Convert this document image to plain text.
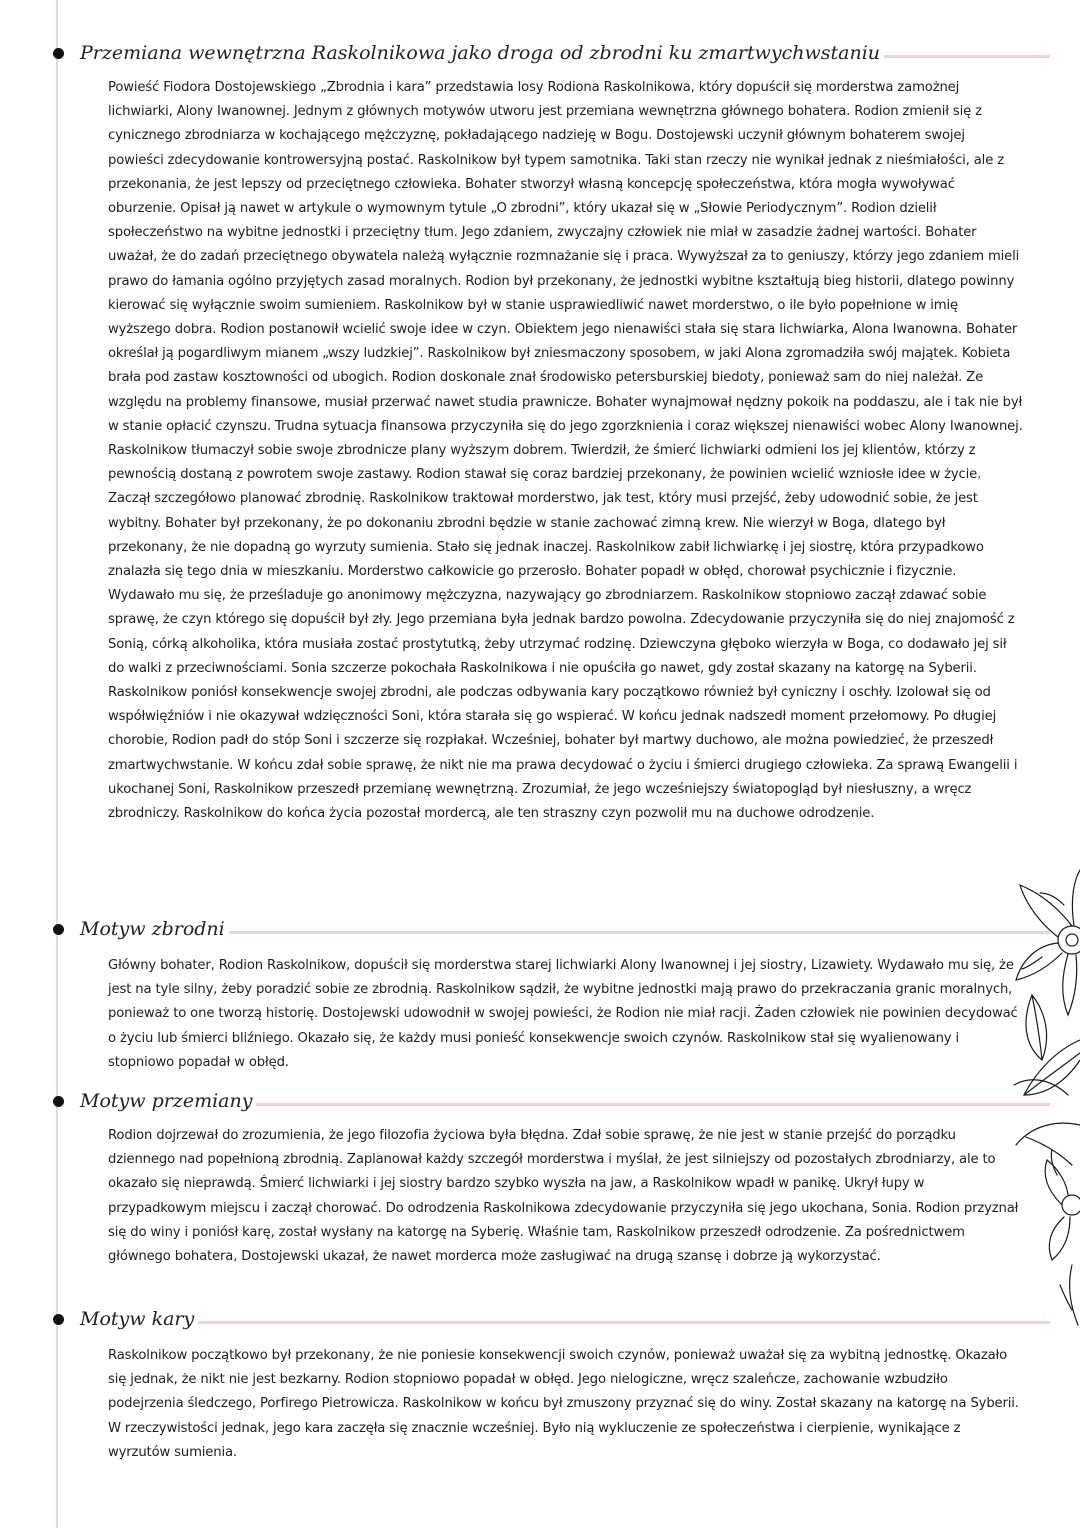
Przemiana wewnętrzna Raskolnikowa jako droga od zbrodni ku zmartwychwstaniu

Powieść Fiodora Dostojewskiego „Zbrodnia i kara” przedstawia losy Rodiona Raskolnikowa, który dopuścił się morderstwa zamożnej lichwiarki, Alony Iwanownej. Jednym z głównych motywów utworu jest przemiana wewnętrzna głównego bohatera. Rodion zmienił się z cynicznego zbrodniarza w kochającego mężczyznę, pokładającego nadzieję w Bogu. Dostojewski uczynił głównym bohaterem swojej powieści zdecydowanie kontrowersyjną postać. Raskolnikow był typem samotnika. Taki stan rzeczy nie wynikał jednak z nieśmiałości, ale z przekonania, że jest lepszy od przeciętnego człowieka. Bohater stworzył własną koncepcję społeczeństwa, która mogła wywoływać oburzenie. Opisał ją nawet w artykule o wymownym tytule „O zbrodni”, który ukazał się w „Słowie Periodycznym”. Rodion dzielił społeczeństwo na wybitne jednostki i przeciętny tłum. Jego zdaniem, zwyczajny człowiek nie miał w zasadzie żadnej wartości. Bohater uważał, że do zadań przeciętnego obywatela należą wyłącznie rozmnażanie się i praca. Wywyższał za to geniuszy, którzy jego zdaniem mieli prawo do łamania ogólno przyjętych zasad moralnych. Rodion był przekonany, że jednostki wybitne kształtują bieg historii, dlatego powinny kierować się wyłącznie swoim sumieniem. Raskolnikow był w stanie usprawiedliwić nawet morderstwo, o ile było popełnione w imię wyższego dobra. Rodion postanowił wcielić swoje idee w czyn. Obiektem jego nienawiści stała się stara lichwiarka, Alona Iwanowna. Bohater określał ją pogardliwym mianem „wszy ludzkiej”. Raskolnikow był zniesmaczony sposobem, w jaki Alona zgromadziła swój majątek. Kobieta brała pod zastaw kosztowności od ubogich. Rodion doskonale znał środowisko petersburskiej biedoty, ponieważ sam do niej należał. Ze względu na problemy finansowe, musiał przerwać nawet studia prawnicze. Bohater wynajmował nędzny pokoik na poddaszu, ale i tak nie był w stanie opłacić czynszu. Trudna sytuacja finansowa przyczyniła się do jego zgorzknienia i coraz większej nienawiści wobec Alony Iwanownej. Raskolnikow tłumaczył sobie swoje zbrodnicze plany wyższym dobrem. Twierdził, że śmierć lichwiarki odmieni los jej klientów, którzy z pewnością dostaną z powrotem swoje zastawy. Rodion stawał się coraz bardziej przekonany, że powinien wcielić wzniosłe idee w życie. Zaczął szczegółowo planować zbrodnię. Raskolnikow traktował morderstwo, jak test, który musi przejść, żeby udowodnić sobie, że jest wybitny. Bohater był przekonany, że po dokonaniu zbrodni będzie w stanie zachować zimną krew. Nie wierzył w Boga, dlatego był przekonany, że nie dopadną go wyrzuty sumienia. Stało się jednak inaczej. Raskolnikow zabił lichwiarkę i jej siostrę, która przypadkowo znalazła się tego dnia w mieszkaniu. Morderstwo całkowicie go przerosło. Bohater popadł w obłęd, chorował psychicznie i fizycznie. Wydawało mu się, że prześladuje go anonimowy mężczyzna, nazywający go zbrodniarzem. Raskolnikow stopniowo zaczął zdawać sobie sprawę, że czyn którego się dopuścił był zły. Jego przemiana była jednak bardzo powolna. Zdecydowanie przyczyniła się do niej znajomość z Sonią, córką alkoholika, która musiała zostać prostytutką, żeby utrzymać rodzinę. Dziewczyna głęboko wierzyła w Boga, co dodawało jej sił do walki z przeciwnościami. Sonia szczerze pokochała Raskolnikowa i nie opuściła go nawet, gdy został skazany na katorgę na Syberii. Raskolnikow poniósł konsekwencje swojej zbrodni, ale podczas odbywania kary początkowo również był cyniczny i oschły. Izolował się od współwięźniów i nie okazywał wdzięczności Soni, która starała się go wspierać. W końcu jednak nadszedł moment przełomowy. Po długiej chorobie, Rodion padł do stóp Soni i szczerze się rozpłakał. Wcześniej, bohater był martwy duchowo, ale można powiedzieć, że przeszedł zmartwychwstanie. W końcu zdał sobie sprawę, że nikt nie ma prawa decydować o życiu i śmierci drugiego człowieka. Za sprawą Ewangelii i ukochanej Soni, Raskolnikow przeszedł przemianę wewnętrzną. Zrozumiał, że jego wcześniejszy światopogląd był niesłuszny, a wręcz zbrodniczy. Raskolnikow do końca życia pozostał mordercą, ale ten straszny czyn pozwolił mu na duchowe odrodzenie.

Motyw zbrodni

Główny bohater, Rodion Raskolnikow, dopuścił się morderstwa starej lichwiarki Alony Iwanownej i jej siostry, Lizawiety. Wydawało mu się, że jest na tyle silny, żeby poradzić sobie ze zbrodnią. Raskolnikow sądził, że wybitne jednostki mają prawo do przekraczania granic moralnych, ponieważ to one tworzą historię. Dostojewski udowodnił w swojej powieści, że Rodion nie miał racji. Żaden człowiek nie powinien decydować o życiu lub śmierci bliźniego. Okazało się, że każdy musi ponieść konsekwencje swoich czynów. Raskolnikow stał się wyalienowany i stopniowo popadał w obłęd.

Motyw przemiany

Rodion dojrzewał do zrozumienia, że jego filozofia życiowa była błędna. Zdał sobie sprawę, że nie jest w stanie przejść do porządku dziennego nad popełnioną zbrodnią. Zaplanował każdy szczegół morderstwa i myślał, że jest silniejszy od pozostałych zbrodniarzy, ale to okazało się nieprawdą. Śmierć lichwiarki i jej siostry bardzo szybko wyszła na jaw, a Raskolnikow wpadł w panikę. Ukrył łupy w przypadkowym miejscu i zaczął chorować. Do odrodzenia Raskolnikowa zdecydowanie przyczyniła się jego ukochana, Sonia. Rodion przyznał się do winy i poniósł karę, został wysłany na katorgę na Syberię. Właśnie tam, Raskolnikow przeszedł odrodzenie. Za pośrednictwem głównego bohatera, Dostojewski ukazał, że nawet morderca może zasługiwać na drugą szansę i dobrze ją wykorzystać.

Motyw kary

Raskolnikow początkowo był przekonany, że nie poniesie konsekwencji swoich czynów, ponieważ uważał się za wybitną jednostkę. Okazało się jednak, że nikt nie jest bezkarny. Rodion stopniowo popadał w obłęd. Jego nielogiczne, wręcz szaleńcze, zachowanie wzbudziło podejrzenia śledczego, Porfirego Pietrowicza. Raskolnikow w końcu był zmuszony przyznać się do winy. Został skazany na katorgę na Syberii. W rzeczywistości jednak, jego kara zaczęła się znacznie wcześniej. Było nią wykluczenie ze społeczeństwa i cierpienie, wynikające z wyrzutów sumienia.
